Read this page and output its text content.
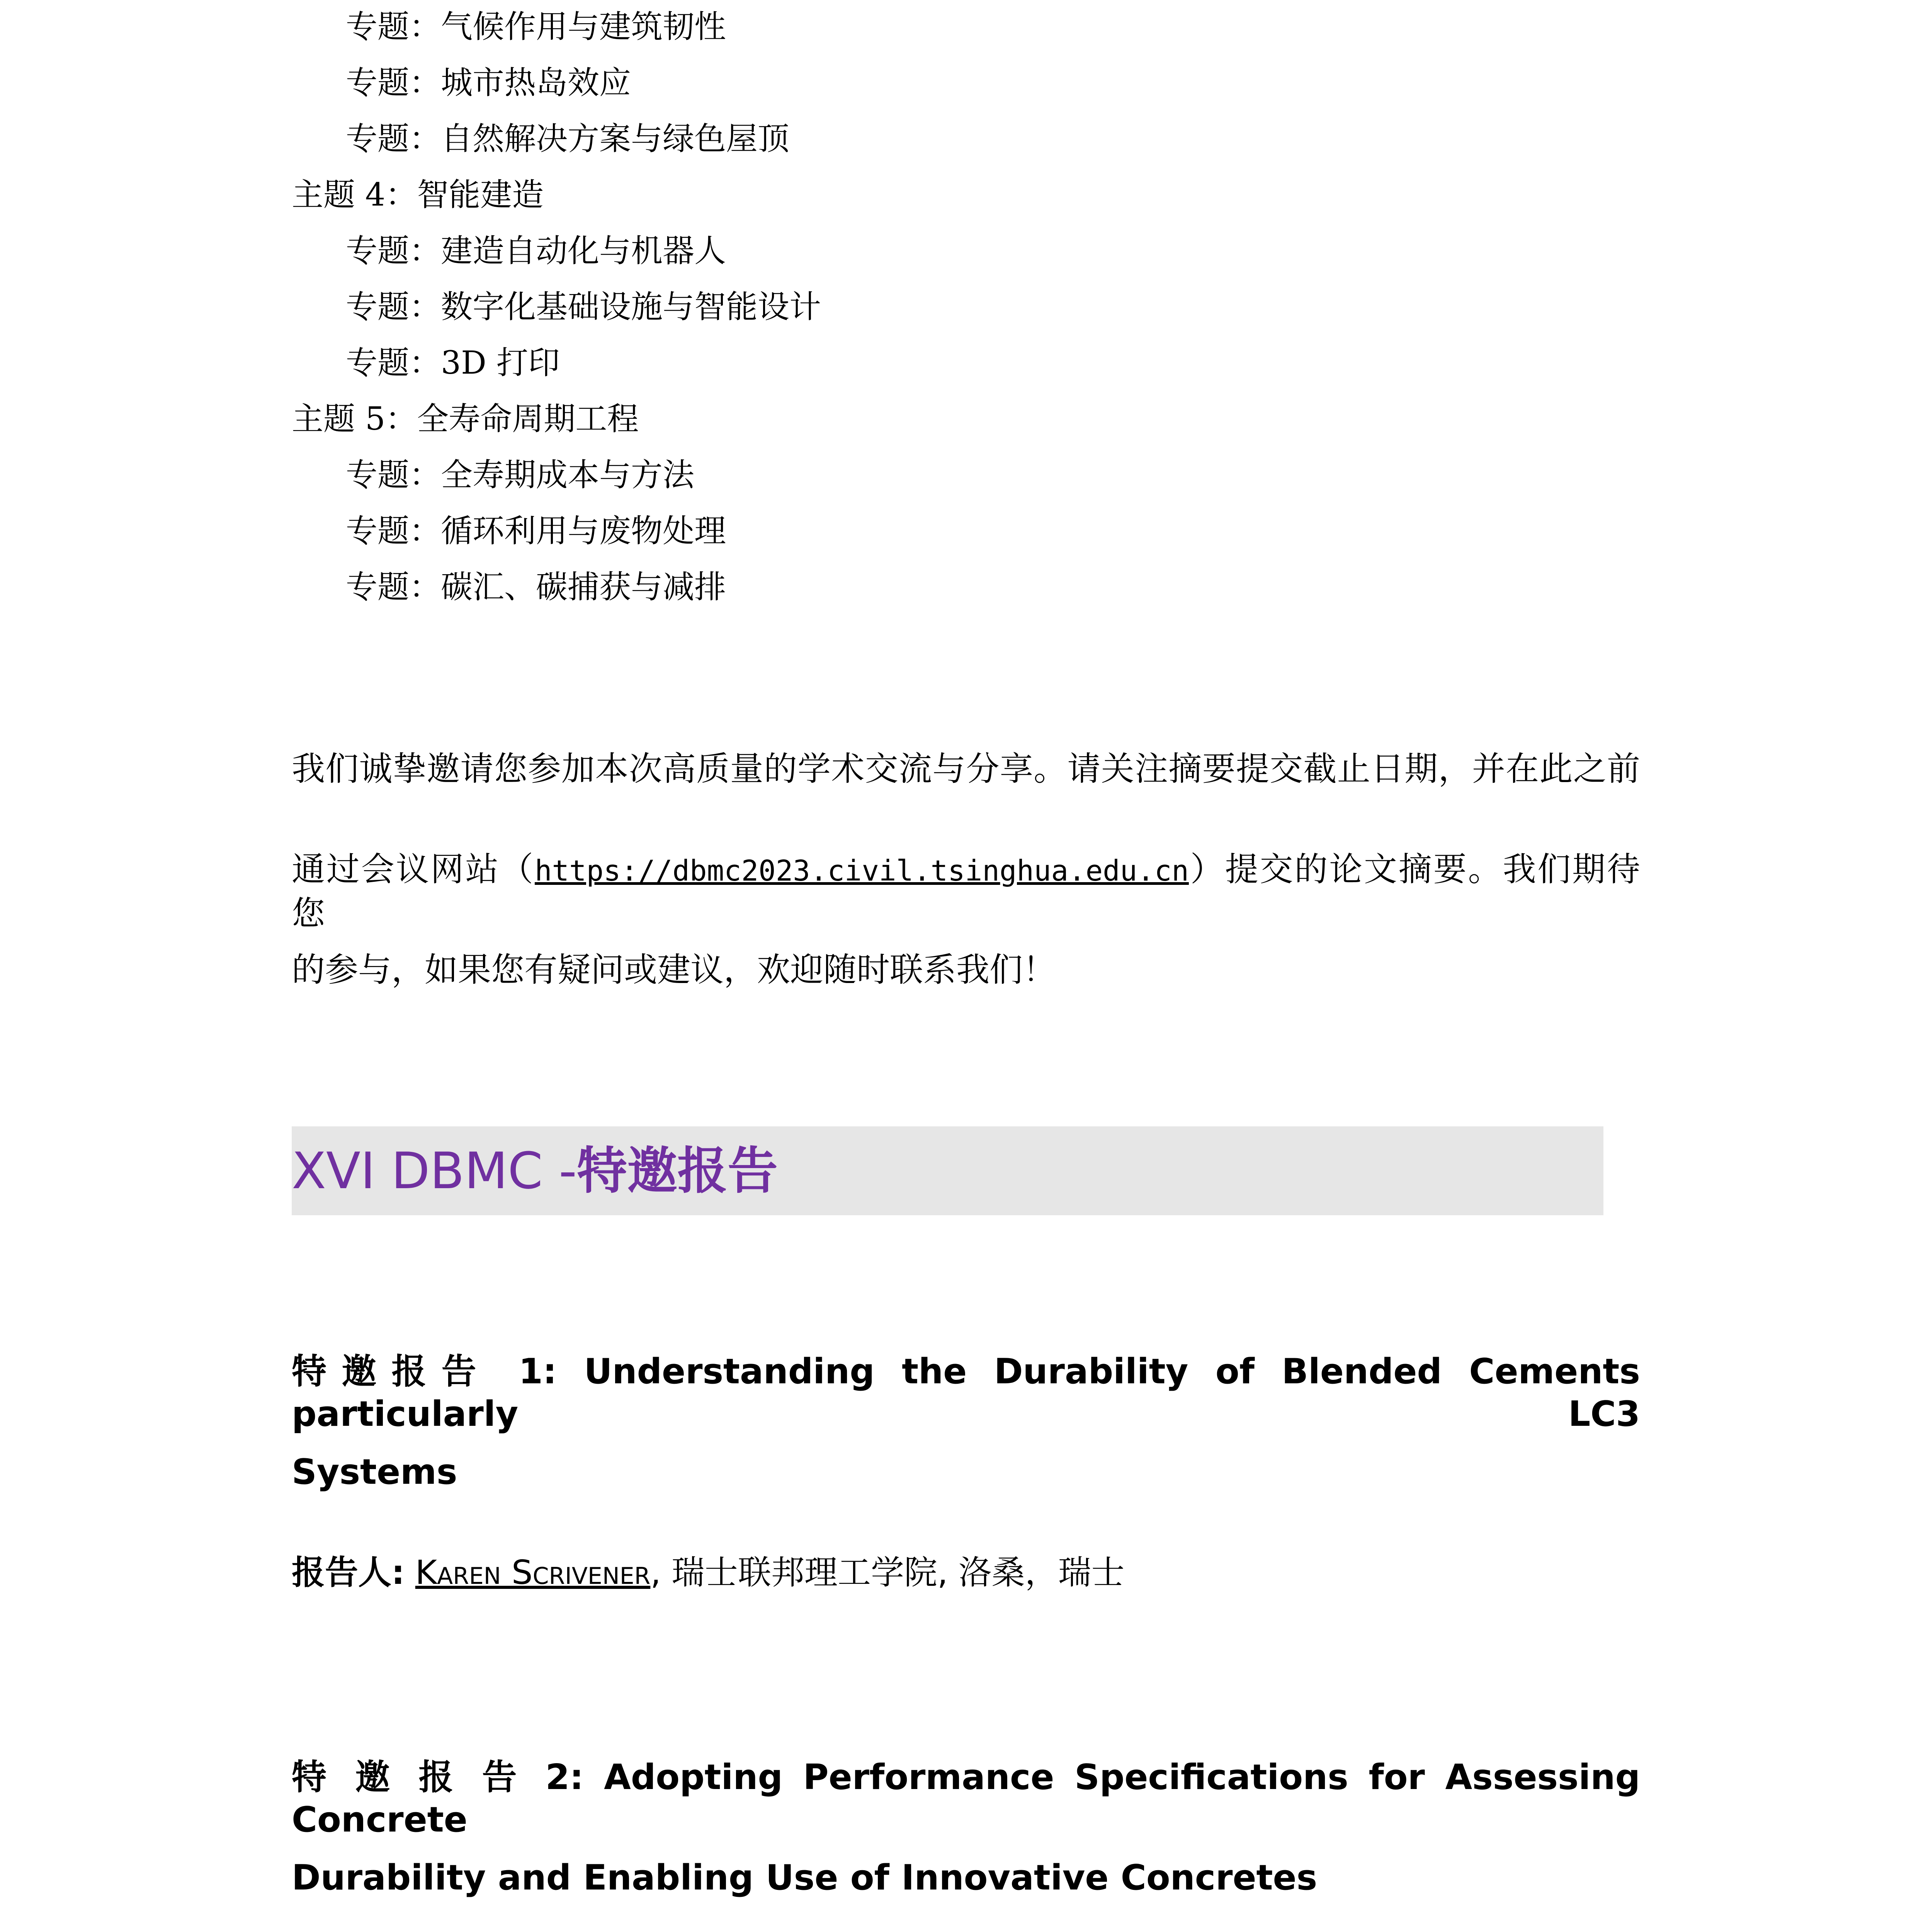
专题：气候作用与建筑韧性
专题：城市热岛效应
专题：自然解决方案与绿色屋顶
主题 4：智能建造
专题：建造自动化与机器人
专题：数字化基础设施与智能设计
专题：3D 打印
主题 5：全寿命周期工程
专题：全寿期成本与方法
专题：循环利用与废物处理
专题：碳汇、碳捕获与减排
我们诚挚邀请您参加本次高质量的学术交流与分享。请关注摘要提交截止日期，并在此之前
通过会议网站（https://dbmc2023.civil.tsinghua.edu.cn）提交的论文摘要。我们期待您
的参与，如果您有疑问或建议，欢迎随时联系我们！
XVI DBMC -特邀报告
特邀报告 1: Understanding the Durability of Blended Cements particularly LC3
Systems
报告人: Karen Scrivener, 瑞士联邦理工学院, 洛桑，瑞士
特 邀 报 告 2: Adopting Performance Specifications for Assessing Concrete
Durability and Enabling Use of Innovative Concretes
